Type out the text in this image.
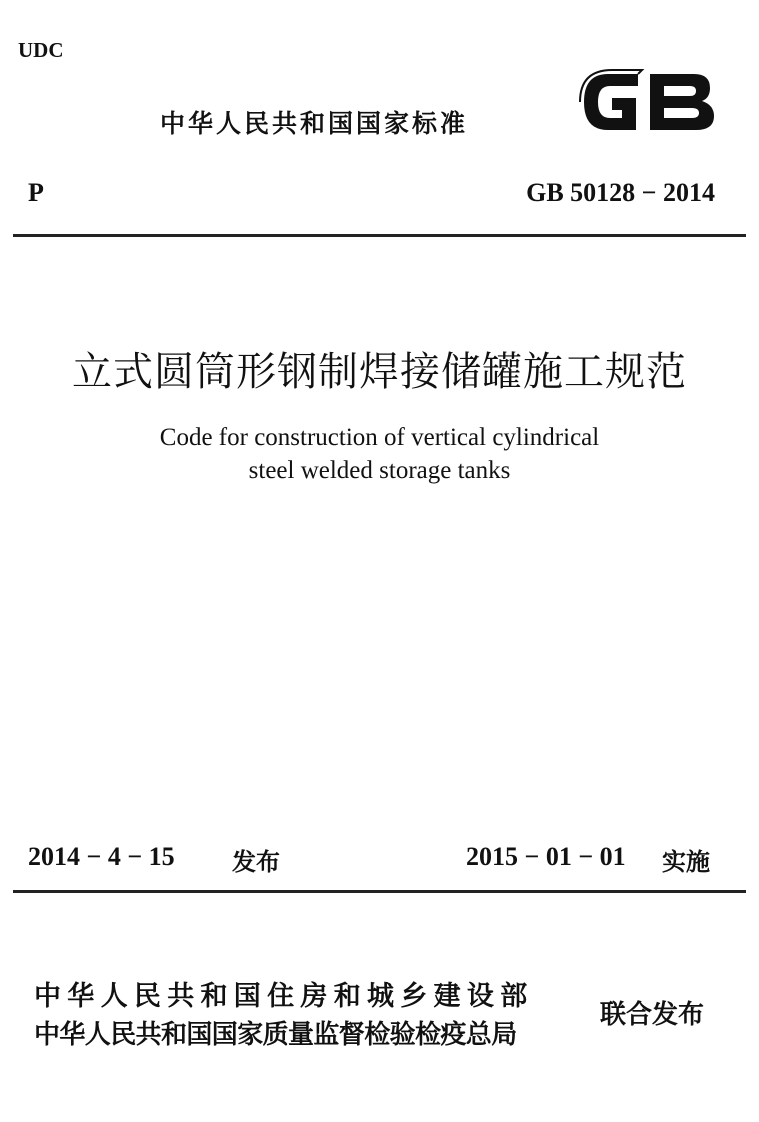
UDC
中华人民共和国国家标准
P	GB 50128 − 2014
立式圆筒形钢制焊接储罐施工规范
Code for construction of vertical cylindrical
steel welded storage tanks
2014 − 4 − 15 发布	2015 − 01 − 01 实施
中华人民共和国住房和城乡建设部
中华人民共和国国家质量监督检验检疫总局
联合发布
